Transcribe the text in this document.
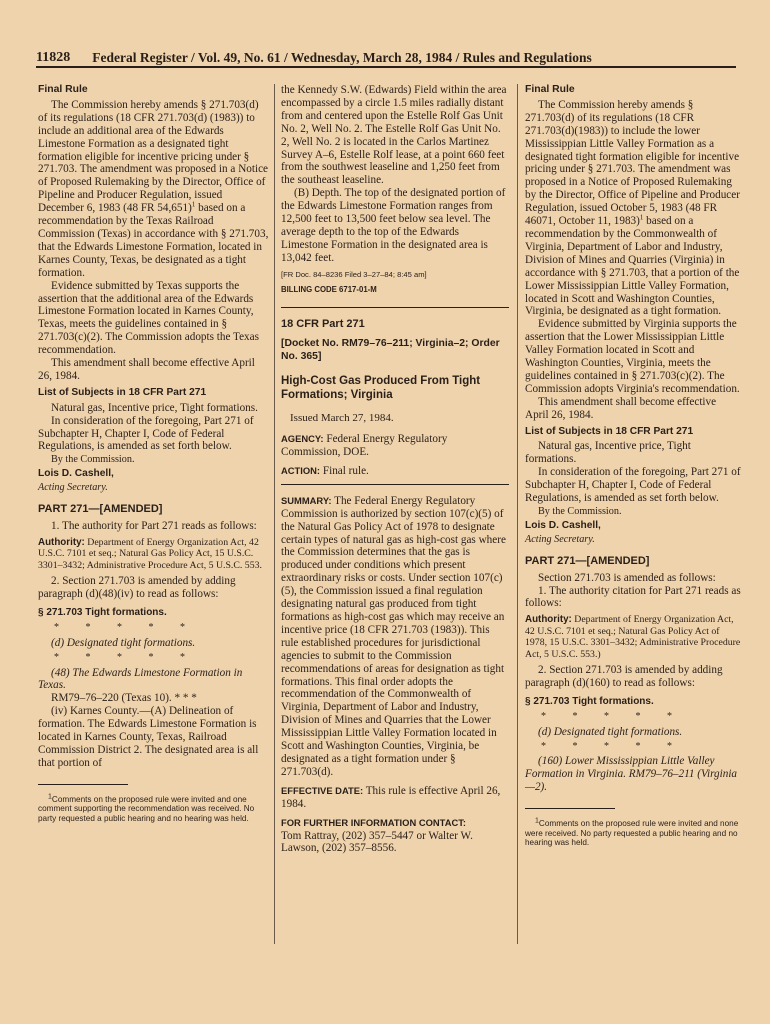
11828 Federal Register / Vol. 49, No. 61 / Wednesday, March 28, 1984 / Rules and Regulations
Final Rule

The Commission hereby amends § 271.703(d) of its regulations (18 CFR 271.703(d) (1983)) to include an additional area of the Edwards Limestone Formation as a designated tight formation eligible for incentive pricing under § 271.703. The amendment was proposed in a Notice of Proposed Rulemaking by the Director, Office of Pipeline and Producer Regulation, issued December 6, 1983 (48 FR 54,651)$^1$ based on a recommendation by the Texas Railroad Commission (Texas) in accordance with § 271.703, that the Edwards Limestone Formation, located in Karnes County, Texas, be designated as a tight formation.

Evidence submitted by Texas supports the assertion that the additional area of the Edwards Limestone Formation located in Karnes County, Texas, meets the guidelines contained in § 271.703(c)(2). The Commission adopts the Texas recommendation.

This amendment shall become effective April 26, 1984.

List of Subjects in 18 CFR Part 271

Natural gas, Incentive price, Tight formations.

In consideration of the foregoing, Part 271 of Subchapter H, Chapter I, Code of Federal Regulations, is amended as set forth below.

By the Commission.
Lois D. Cashell,
Acting Secretary.
PART 271—[AMENDED]

1. The authority for Part 271 reads as follows:

Authority: Department of Energy Organization Act, 42 U.S.C. 7101 et seq.; Natural Gas Policy Act, 15 U.S.C. 3301–3432; Administrative Procedure Act, 5 U.S.C. 553.

2. Section 271.703 is amended by adding paragraph (d)(48)(iv) to read as follows:

§ 271.703 Tight formations.
* * * * *

(d) Designated tight formations.

* * * * *

(48) The Edwards Limestone Formation in Texas.

RM79–76–220 (Texas 10). * * *

(iv) Karnes County.—(A) Delineation of formation. The Edwards Limestone Formation is located in Karnes County, Texas, Railroad Commission District 2. The designated area is all that portion of

$^1$Comments on the proposed rule were invited and one comment supporting the recommendation was received. No party requested a public hearing and no hearing was held.

the Kennedy S.W. (Edwards) Field within the area encompassed by a circle 1.5 miles radially distant from and centered upon the Estelle Rolf Gas Unit No. 2, Well No. 2. The Estelle Rolf Gas Unit No. 2, Well No. 2 is located in the Carlos Martinez Survey A–6, Estelle Rolf lease, at a point 660 feet from the southwest leaseline and 1,250 feet from the southeast leaseline.

(B) Depth. The top of the designated portion of the Edwards Limestone Formation ranges from 12,500 feet to 13,500 feet below sea level. The average depth to the top of the Edwards Limestone Formation in the designated area is 13,042 feet.

[FR Doc. 84–8236 Filed 3–27–84; 8:45 am]

BILLING CODE 6717-01-M

18 CFR Part 271
[Docket No. RM79–76–211; Virginia–2; Order No. 365]
High-Cost Gas Produced From Tight Formations; Virginia

Issued March 27, 1984.

AGENCY: Federal Energy Regulatory Commission, DOE.

ACTION: Final rule.

SUMMARY: The Federal Energy Regulatory Commission is authorized by section 107(c)(5) of the Natural Gas Policy Act of 1978 to designate certain types of natural gas as high-cost gas where the Commission determines that the gas is produced under conditions which present extraordinary risks or costs. Under section 107(c)(5), the Commission issued a final regulation designating natural gas produced from tight formations as high-cost gas which may receive an incentive price (18 CFR 271.703 (1983)). This rule established procedures for jurisdictional agencies to submit to the Commission recommendations of areas for designation as tight formations. This final order adopts the recommendation of the Commonwealth of Virginia, Department of Labor and Industry, Division of Mines and Quarries that the Lower Mississippian Little Valley Formation located in Scott and Washington Counties, Virginia, be designated as a tight formation under § 271.703(d).

EFFECTIVE DATE: This rule is effective April 26, 1984.

FOR FURTHER INFORMATION CONTACT:
Tom Rattray, (202) 357–5447 or Walter W. Lawson, (202) 357–8556.

Final Rule

The Commission hereby amends § 271.703(d) of its regulations (18 CFR 271.703(d)(1983)) to include the lower Mississippian Little Valley Formation as a designated tight formation eligible for incentive pricing under § 271.703. The amendment was proposed in a Notice of Proposed Rulemaking by the Director, Office of Pipeline and Producer Regulation, issued October 5, 1983 (48 FR 46071, October 11, 1983)$^1$ based on a recommendation by the Commonwealth of Virginia, Department of Labor and Industry, Division of Mines and Quarries (Virginia) in accordance with § 271.703, that a portion of the Lower Mississippian Little Valley Formation, located in Scott and Washington Counties, Virginia, be designated as a tight formation.

Evidence submitted by Virginia supports the assertion that the Lower Mississippian Little Valley Formation located in Scott and Washington Counties, Virginia, meets the guidelines contained in § 271.703(c)(2). The Commission adopts Virginia's recommendation.

This amendment shall become effective April 26, 1984.

List of Subjects in 18 CFR Part 271

Natural gas, Incentive price, Tight formations.

In consideration of the foregoing, Part 271 of Subchapter H, Chapter I, Code of Federal Regulations, is amended as set forth below.

By the Commission.
Lois D. Cashell,
Acting Secretary.
PART 271—[AMENDED]

Section 271.703 is amended as follows:

1. The authority citation for Part 271 reads as follows:

Authority: Department of Energy Organization Act, 42 U.S.C. 7101 et seq.; Natural Gas Policy Act of 1978, 15 U.S.C. 3301–3432; Administrative Procedure Act, 5 U.S.C. 553.)

2. Section 271.703 is amended by adding paragraph (d)(160) to read as follows:

§ 271.703 Tight formations.
* * * * *

(d) Designated tight formations.

* * * * *

(160) Lower Mississippian Little Valley Formation in Virginia. RM79–76–211 (Virginia—2).

$^1$Comments on the proposed rule were invited and none were received. No party requested a public hearing and no hearing was held.
